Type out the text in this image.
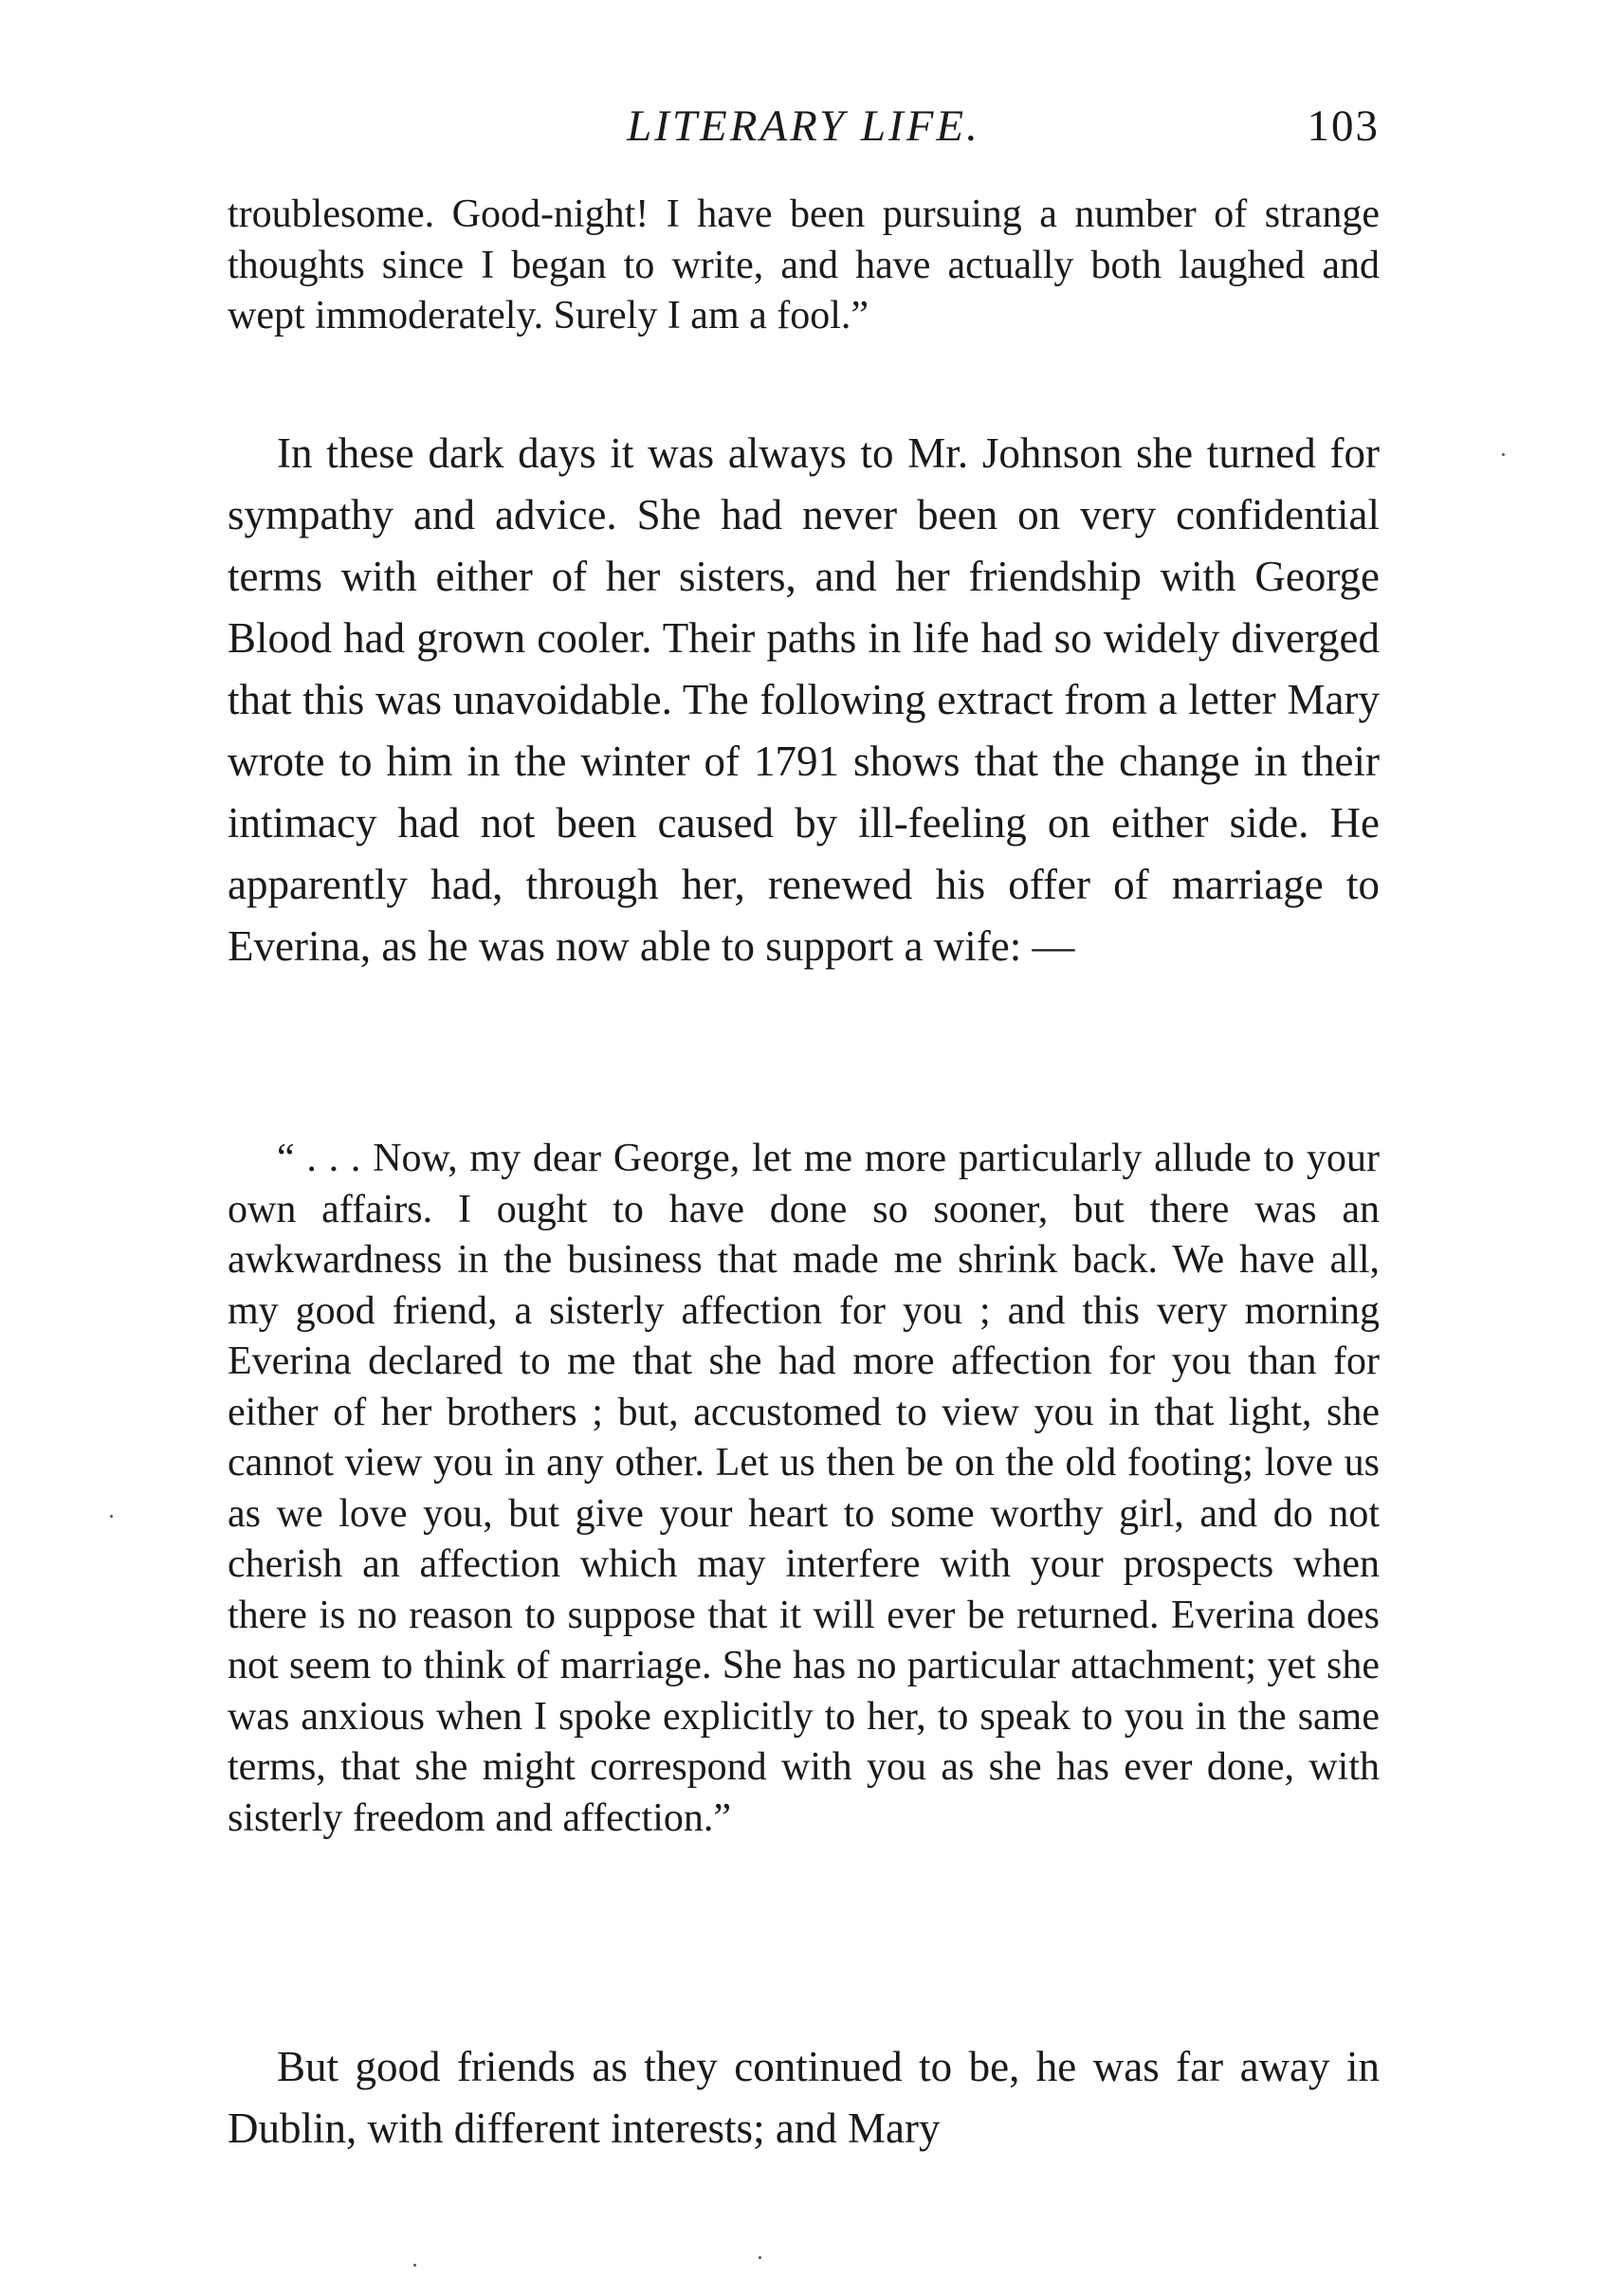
LITERARY LIFE.	103

troublesome. Good-night! I have been pursuing a number of strange thoughts since I began to write, and have actually both laughed and wept immoderately. Surely I am a fool.”

In these dark days it was always to Mr. Johnson she turned for sympathy and advice. She had never been on very confidential terms with either of her sisters, and her friendship with George Blood had grown cooler. Their paths in life had so widely diverged that this was unavoidable. The following extract from a letter Mary wrote to him in the winter of 1791 shows that the change in their intimacy had not been caused by ill-feeling on either side. He apparently had, through her, renewed his offer of marriage to Everina, as he was now able to support a wife: —

“ . . . Now, my dear George, let me more particularly allude to your own affairs. I ought to have done so sooner, but there was an awkwardness in the business that made me shrink back. We have all, my good friend, a sisterly affection for you ; and this very morning Everina declared to me that she had more affection for you than for either of her brothers ; but, accustomed to view you in that light, she cannot view you in any other. Let us then be on the old footing; love us as we love you, but give your heart to some worthy girl, and do not cherish an affection which may interfere with your prospects when there is no reason to suppose that it will ever be returned. Everina does not seem to think of marriage. She has no particular attachment; yet she was anxious when I spoke explicitly to her, to speak to you in the same terms, that she might correspond with you as she has ever done, with sisterly freedom and affection.”

But good friends as they continued to be, he was far away in Dublin, with different interests; and Mary
